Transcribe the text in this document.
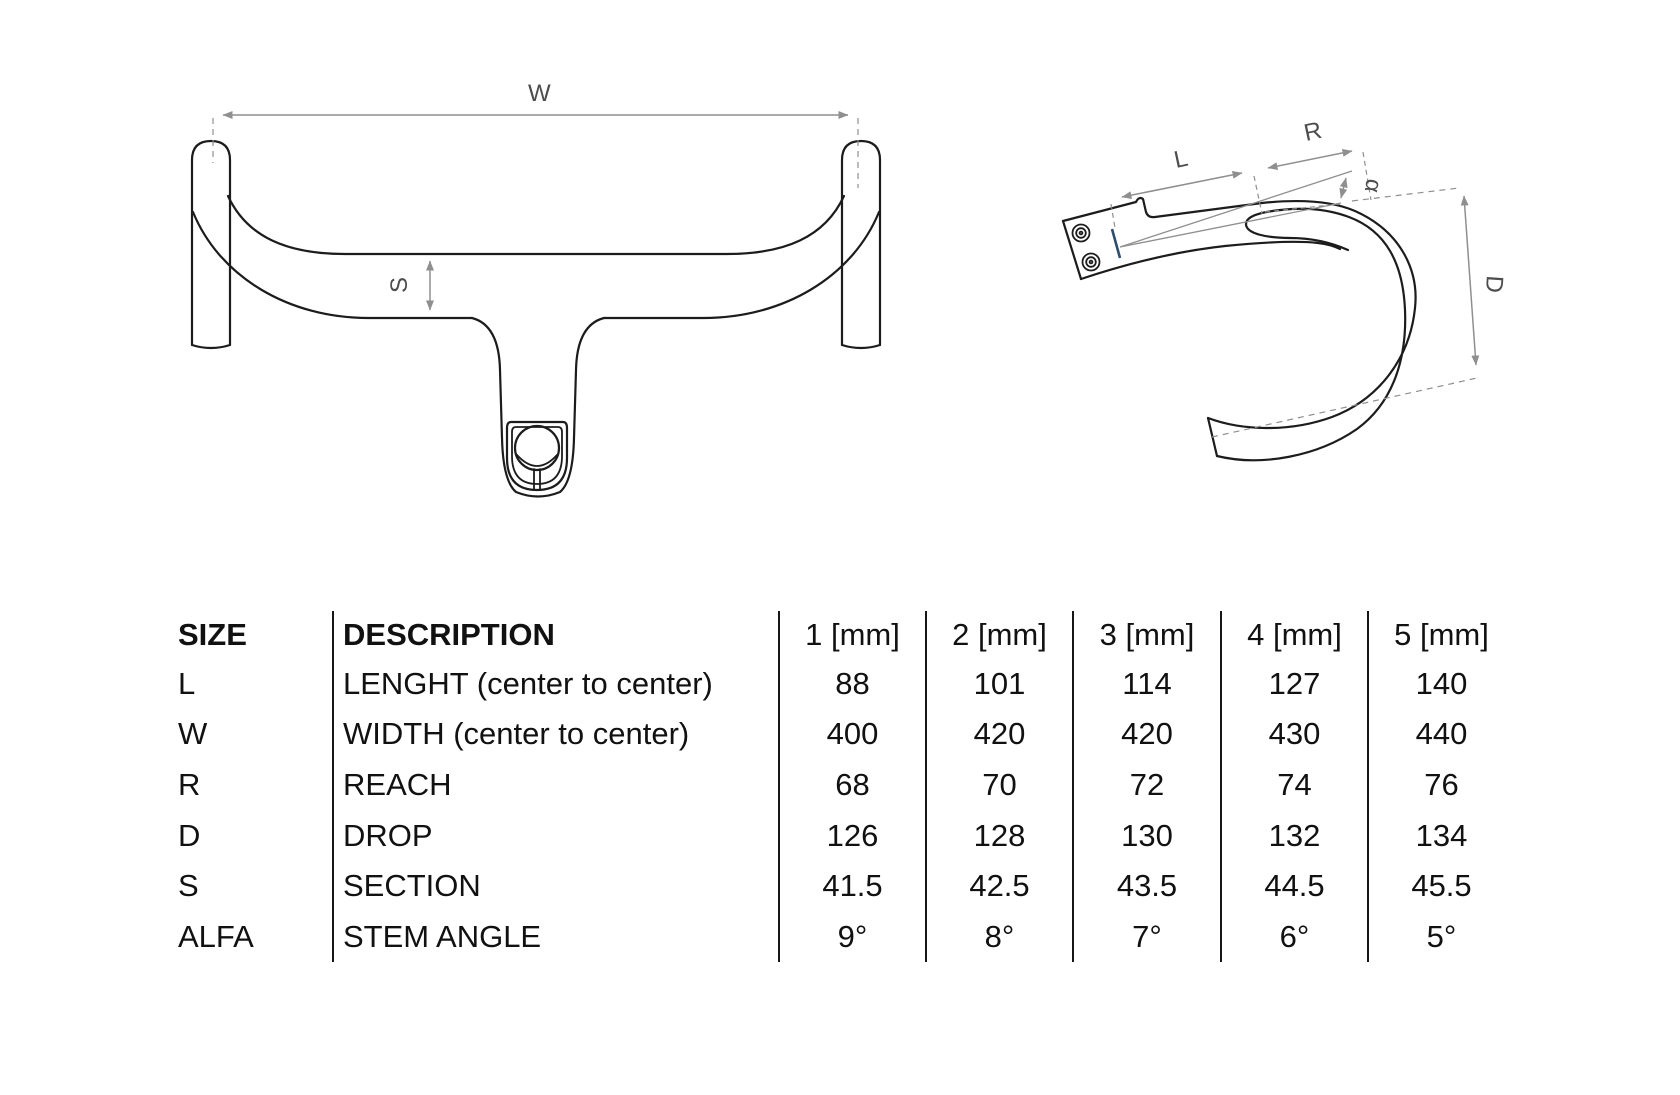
W
S
L
R
α
D
SIZE	DESCRIPTION	1 [mm]	2 [mm]	3 [mm]	4 [mm]	5 [mm]
L	LENGHT (center to center)	88	101	114	127	140
W	WIDTH (center to center)	400	420	420	430	440
R	REACH	68	70	72	74	76
D	DROP	126	128	130	132	134
S	SECTION	41.5	42.5	43.5	44.5	45.5
ALFA	STEM ANGLE	9°	8°	7°	6°	5°
